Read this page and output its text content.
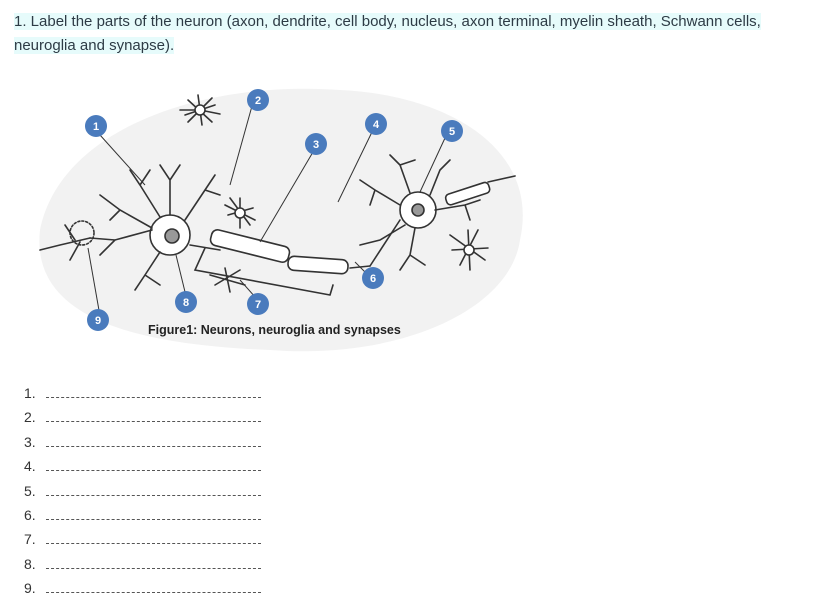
1. Label the parts of the neuron (axon, dendrite, cell body, nucleus, axon terminal, myelin sheath, Schwann cells, neuroglia and synapse).
1
2
3
4
5
6
7
8
9
Figure1: Neurons, neuroglia and synapses
1.
2.
3.
4.
5.
6.
7.
8.
9.
